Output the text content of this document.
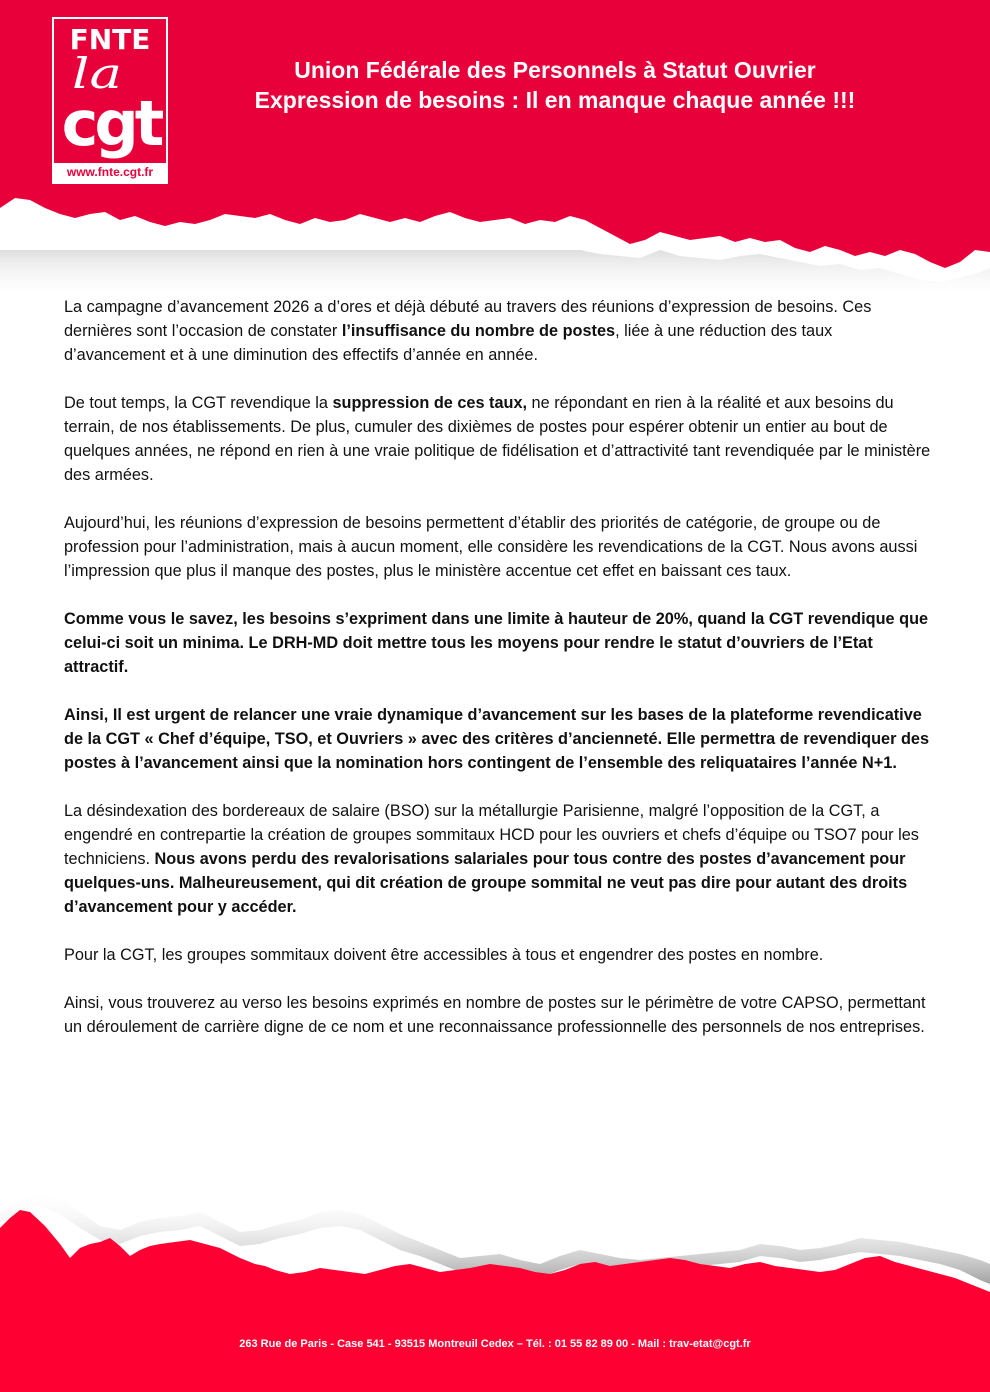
FNTE
la
cgt
www.fnte.cgt.fr
Union Fédérale des Personnels à Statut Ouvrier
Expression de besoins : Il en manque chaque année !!!

La campagne d’avancement 2026 a d’ores et déjà débuté au travers des réunions d’expression de besoins. Ces dernières sont l’occasion de constater l’insuffisance du nombre de postes, liée à une réduction des taux d’avancement et à une diminution des effectifs d’année en année.

De tout temps, la CGT revendique la suppression de ces taux, ne répondant en rien à la réalité et aux besoins du terrain, de nos établissements. De plus, cumuler des dixièmes de postes pour espérer obtenir un entier au bout de quelques années, ne répond en rien à une vraie politique de fidélisation et d’attractivité tant revendiquée par le ministère des armées.

Aujourd’hui, les réunions d’expression de besoins permettent d’établir des priorités de catégorie, de groupe ou de profession pour l’administration, mais à aucun moment, elle considère les revendications de la CGT. Nous avons aussi l’impression que plus il manque des postes, plus le ministère accentue cet effet en baissant ces taux.

Comme vous le savez, les besoins s’expriment dans une limite à hauteur de 20%, quand la CGT revendique que celui-ci soit un minima. Le DRH-MD doit mettre tous les moyens pour rendre le statut d’ouvriers de l’Etat attractif.

Ainsi, Il est urgent de relancer une vraie dynamique d’avancement sur les bases de la plateforme revendicative de la CGT « Chef d’équipe, TSO, et Ouvriers » avec des critères d’ancienneté. Elle permettra de revendiquer des postes à l’avancement ainsi que la nomination hors contingent de l’ensemble des reliquataires l’année N+1.

La désindexation des bordereaux de salaire (BSO) sur la métallurgie Parisienne, malgré l’opposition de la CGT, a engendré en contrepartie la création de groupes sommitaux HCD pour les ouvriers et chefs d’équipe ou TSO7 pour les techniciens. Nous avons perdu des revalorisations salariales pour tous contre des postes d’avancement pour quelques-uns. Malheureusement, qui dit création de groupe sommital ne veut pas dire pour autant des droits d’avancement pour y accéder.

Pour la CGT, les groupes sommitaux doivent être accessibles à tous et engendrer des postes en nombre.

Ainsi, vous trouverez au verso les besoins exprimés en nombre de postes sur le périmètre de votre CAPSO, permettant un déroulement de carrière digne de ce nom et une reconnaissance professionnelle des personnels de nos entreprises.

263 Rue de Paris - Case 541 - 93515 Montreuil Cedex – Tél. : 01 55 82 89 00 - Mail : trav-etat@cgt.fr
